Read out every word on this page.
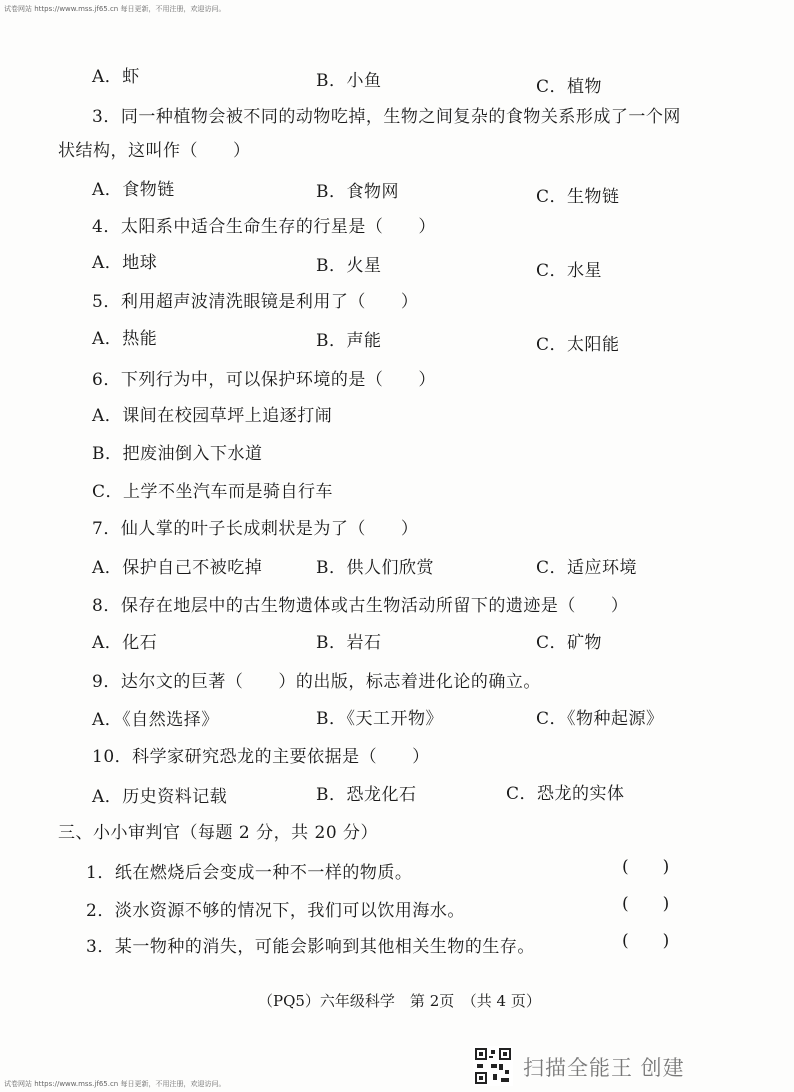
试卷网站 https://www.mss.jf65.cn 每日更新，不用注册，欢迎访问。
A．虾	B．小鱼	C．植物
3．同一种植物会被不同的动物吃掉，生物之间复杂的食物关系形成了一个网
状结构，这叫作（　　）
A．食物链	B．食物网	C．生物链
4．太阳系中适合生命生存的行星是（　　）
A．地球	B．火星	C．水星
5．利用超声波清洗眼镜是利用了（　　）
A．热能	B．声能	C．太阳能
6．下列行为中，可以保护环境的是（　　）
A．课间在校园草坪上追逐打闹
B．把废油倒入下水道
C．上学不坐汽车而是骑自行车
7．仙人掌的叶子长成刺状是为了（　　）
A．保护自己不被吃掉	B．供人们欣赏	C．适应环境
8．保存在地层中的古生物遗体或古生物活动所留下的遗迹是（　　）
A．化石	B．岩石	C．矿物
9．达尔文的巨著（　　）的出版，标志着进化论的确立。
A．《自然选择》	B．《天工开物》	C．《物种起源》
10．科学家研究恐龙的主要依据是（　　）
A．历史资料记载	B．恐龙化石	C．恐龙的实体
三、小小审判官（每题 2 分，共 20 分）
1．纸在燃烧后会变成一种不一样的物质。	(　　)
2．淡水资源不够的情况下，我们可以饮用海水。	(　　)
3．某一物种的消失，可能会影响到其他相关生物的生存。	(　　)
（PQ5）六年级科学　第 2页　（共 4 页）
试卷网站 https://www.mss.jf65.cn 每日更新，不用注册，欢迎访问。
扫描全能王 创建
